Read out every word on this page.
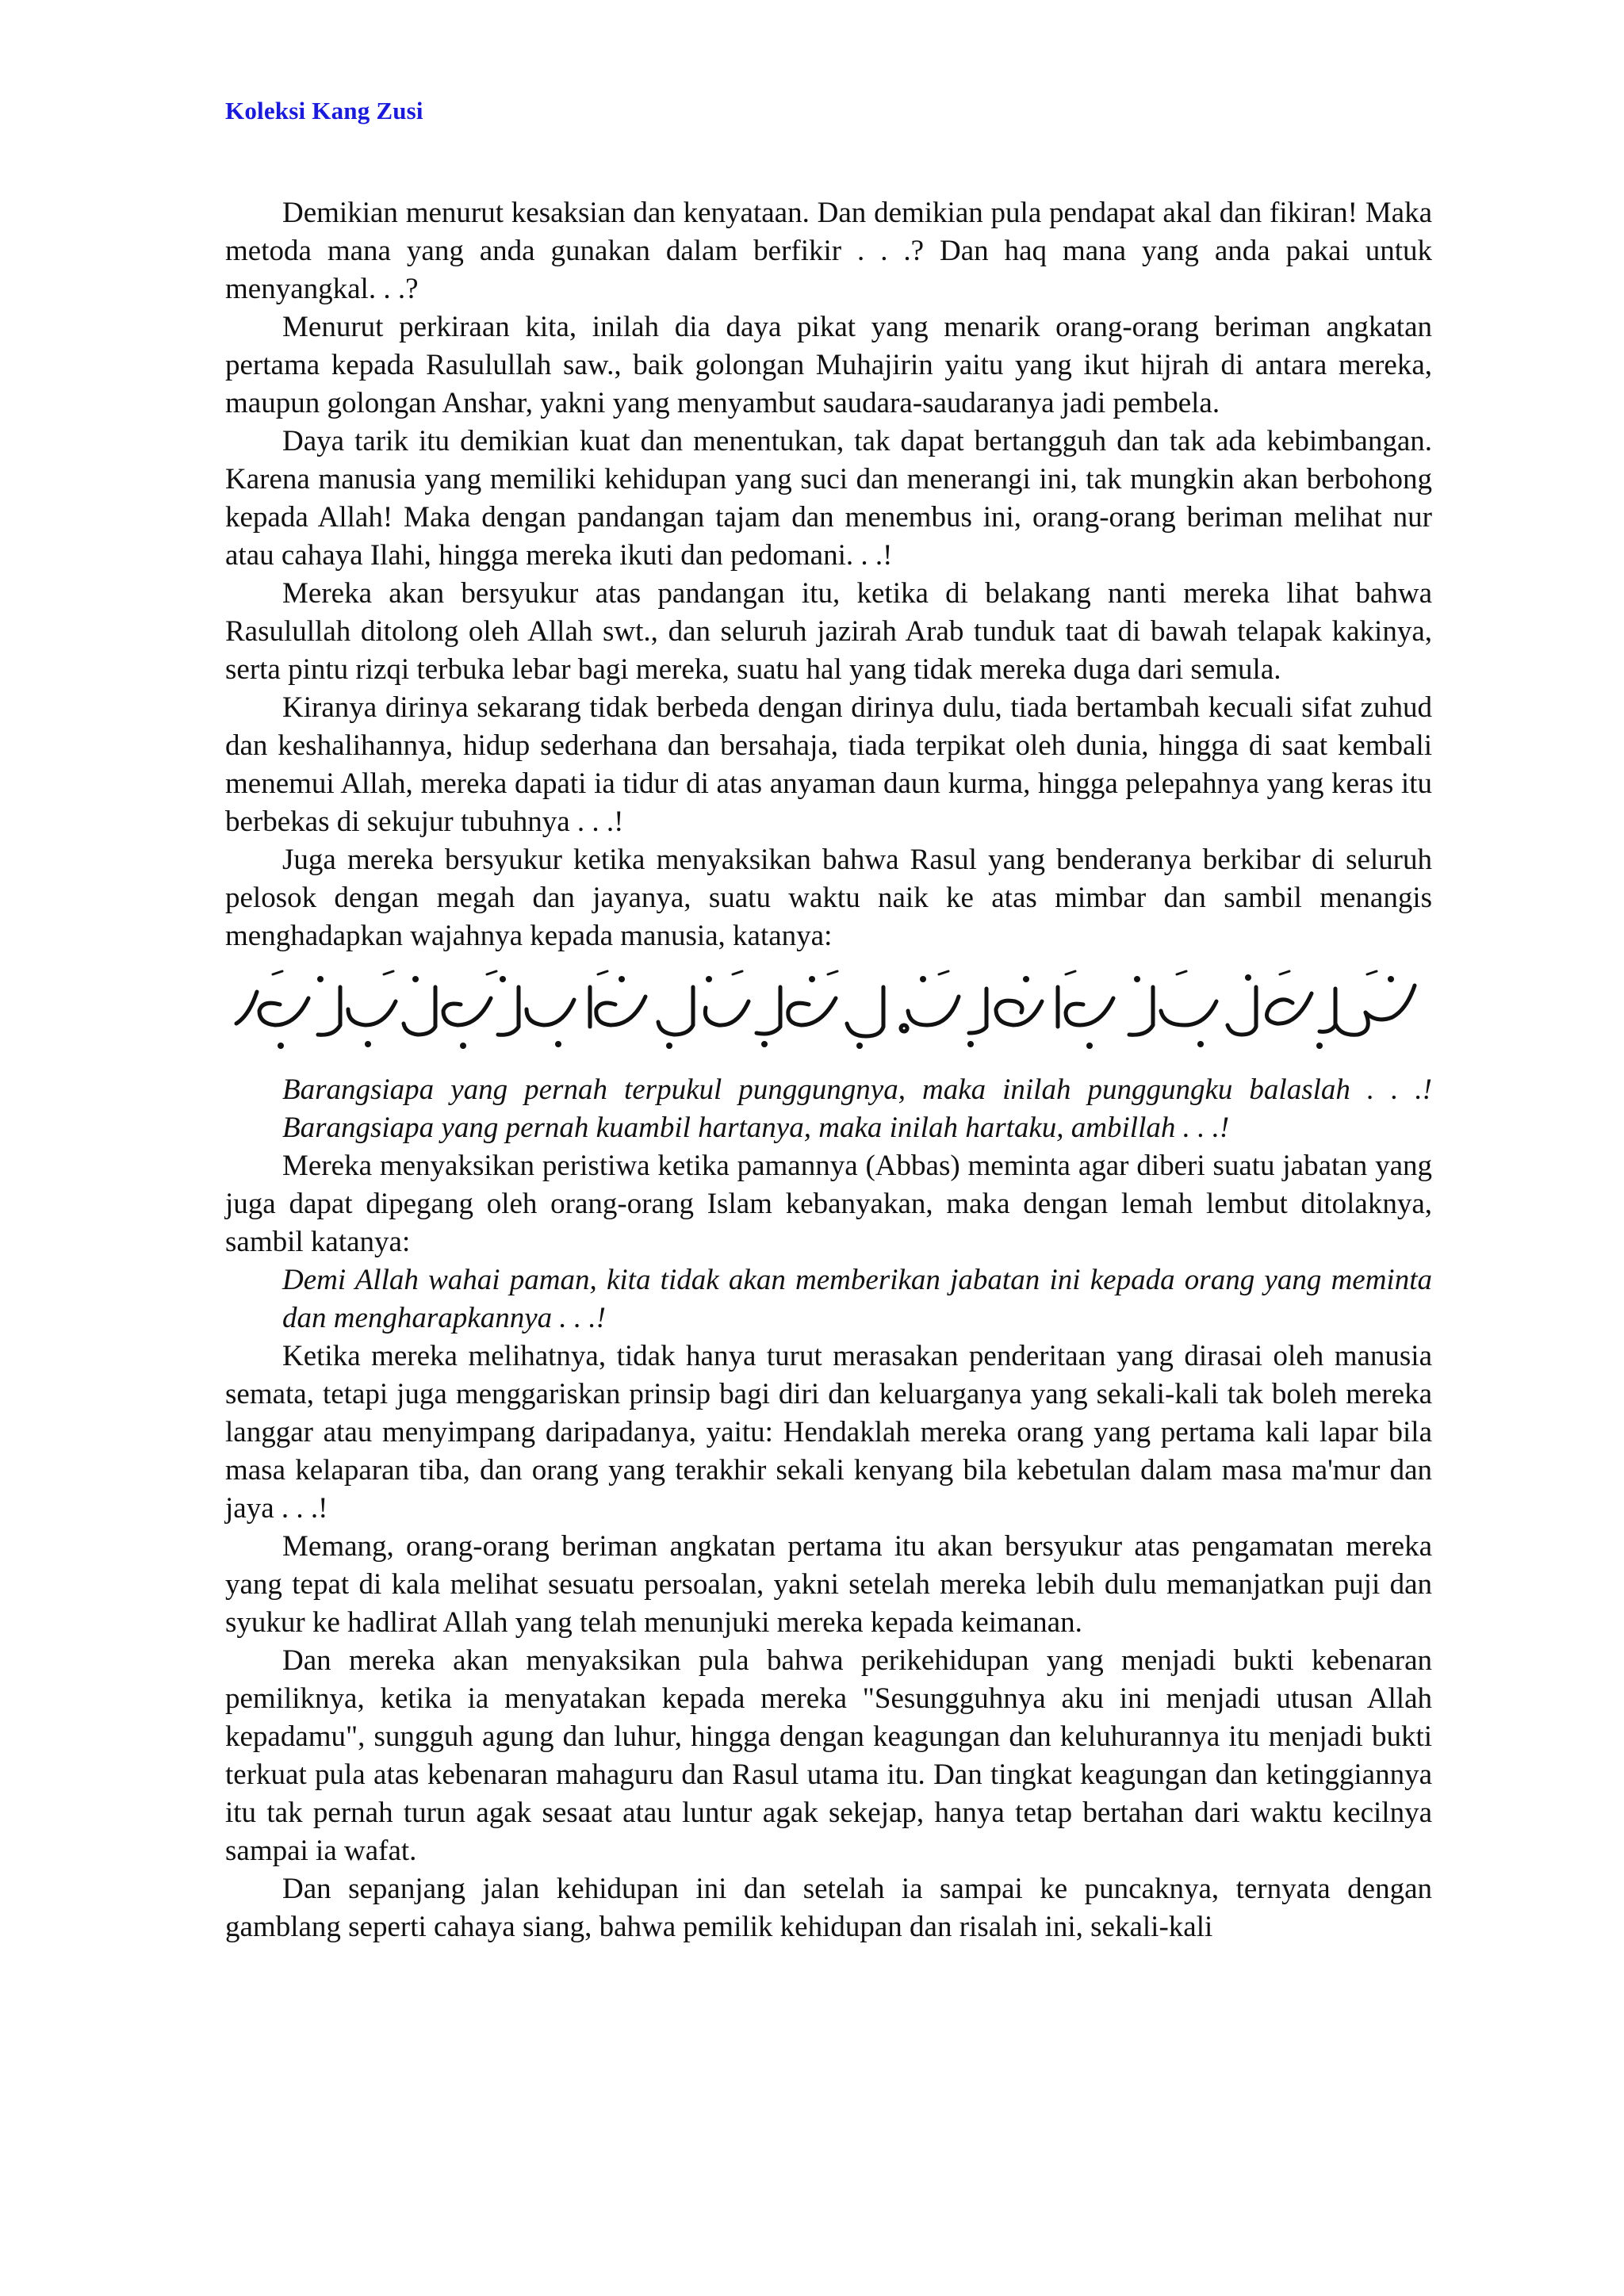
Koleksi Kang Zusi

Demikian menurut kesaksian dan kenyataan. Dan demikian pula pendapat akal dan fikiran! Maka metoda mana yang anda gunakan dalam berfikir . . .? Dan haq mana yang anda pakai untuk menyangkal. . .?

Menurut perkiraan kita, inilah dia daya pikat yang menarik orang-orang beriman angkatan pertama kepada Rasulullah saw., baik golongan Muhajirin yaitu yang ikut hijrah di antara mereka, maupun golongan Anshar, yakni yang menyambut saudara-saudaranya jadi pembela.

Daya tarik itu demikian kuat dan menentukan, tak dapat bertangguh dan tak ada kebimbangan. Karena manusia yang memiliki kehidupan yang suci dan menerangi ini, tak mungkin akan berbohong kepada Allah! Maka dengan pandangan tajam dan menembus ini, orang-orang beriman melihat nur atau cahaya Ilahi, hingga mereka ikuti dan pedomani. . .!

Mereka akan bersyukur atas pandangan itu, ketika di belakang nanti mereka lihat bahwa Rasulullah ditolong oleh Allah swt., dan seluruh jazirah Arab tunduk taat di bawah telapak kakinya, serta pintu rizqi terbuka lebar bagi mereka, suatu hal yang tidak mereka duga dari semula.

Kiranya dirinya sekarang tidak berbeda dengan dirinya dulu, tiada bertambah kecuali sifat zuhud dan keshalihannya, hidup sederhana dan bersahaja, tiada terpikat oleh dunia, hingga di saat kembali menemui Allah, mereka dapati ia tidur di atas anyaman daun kurma, hingga pelepahnya yang keras itu berbekas di sekujur tubuhnya . . .!

Juga mereka bersyukur ketika menyaksikan bahwa Rasul yang benderanya berkibar di seluruh pelosok dengan megah dan jayanya, suatu waktu naik ke atas mimbar dan sambil menangis menghadapkan wajahnya kepada manusia, katanya:

Barangsiapa yang pernah terpukul punggungnya, maka inilah punggungku balaslah . . .! Barangsiapa yang pernah kuambil hartanya, maka inilah hartaku, ambillah . . .!

Mereka menyaksikan peristiwa ketika pamannya (Abbas) meminta agar diberi suatu jabatan yang juga dapat dipegang oleh orang-orang Islam kebanyakan, maka dengan lemah lembut ditolaknya, sambil katanya:

Demi Allah wahai paman, kita tidak akan memberikan jabatan ini kepada orang yang meminta dan mengharapkannya . . .!

Ketika mereka melihatnya, tidak hanya turut merasakan penderitaan yang dirasai oleh manusia semata, tetapi juga menggariskan prinsip bagi diri dan keluarganya yang sekali-kali tak boleh mereka langgar atau menyimpang daripadanya, yaitu: Hendaklah mereka orang yang pertama kali lapar bila masa kelaparan tiba, dan orang yang terakhir sekali kenyang bila kebetulan dalam masa ma'mur dan jaya . . .!

Memang, orang-orang beriman angkatan pertama itu akan bersyukur atas pengamatan mereka yang tepat di kala melihat sesuatu persoalan, yakni setelah mereka lebih dulu memanjatkan puji dan syukur ke hadlirat Allah yang telah menunjuki mereka kepada keimanan.

Dan mereka akan menyaksikan pula bahwa perikehidupan yang menjadi bukti kebenaran pemiliknya, ketika ia menyatakan kepada mereka "Sesungguhnya aku ini menjadi utusan Allah kepadamu", sungguh agung dan luhur, hingga dengan keagungan dan keluhurannya itu menjadi bukti terkuat pula atas kebenaran mahaguru dan Rasul utama itu. Dan tingkat keagungan dan ketinggiannya itu tak pernah turun agak sesaat atau luntur agak sekejap, hanya tetap bertahan dari waktu kecilnya sampai ia wafat.

Dan sepanjang jalan kehidupan ini dan setelah ia sampai ke puncaknya, ternyata dengan gamblang seperti cahaya siang, bahwa pemilik kehidupan dan risalah ini, sekali-kali
